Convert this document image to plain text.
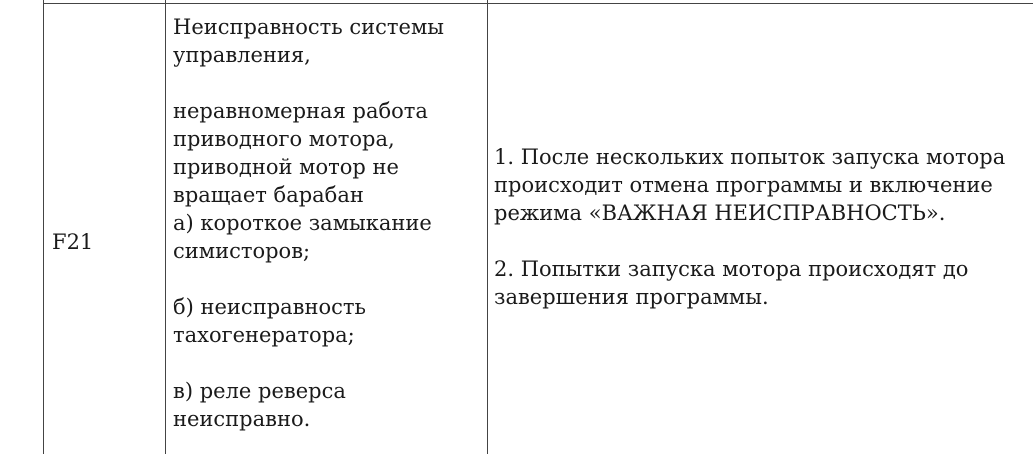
F21
Неисправность системы
управления,
неравномерная работа
приводного мотора,
приводной мотор не
вращает барабан
а) короткое замыкание
симисторов;
б) неисправность
тахогенератора;
в) реле реверса
неисправно.
1. После нескольких попыток запуска мотора
происходит отмена программы и включение
режима «ВАЖНАЯ НЕИСПРАВНОСТЬ».
2. Попытки запуска мотора происходят до
завершения программы.
